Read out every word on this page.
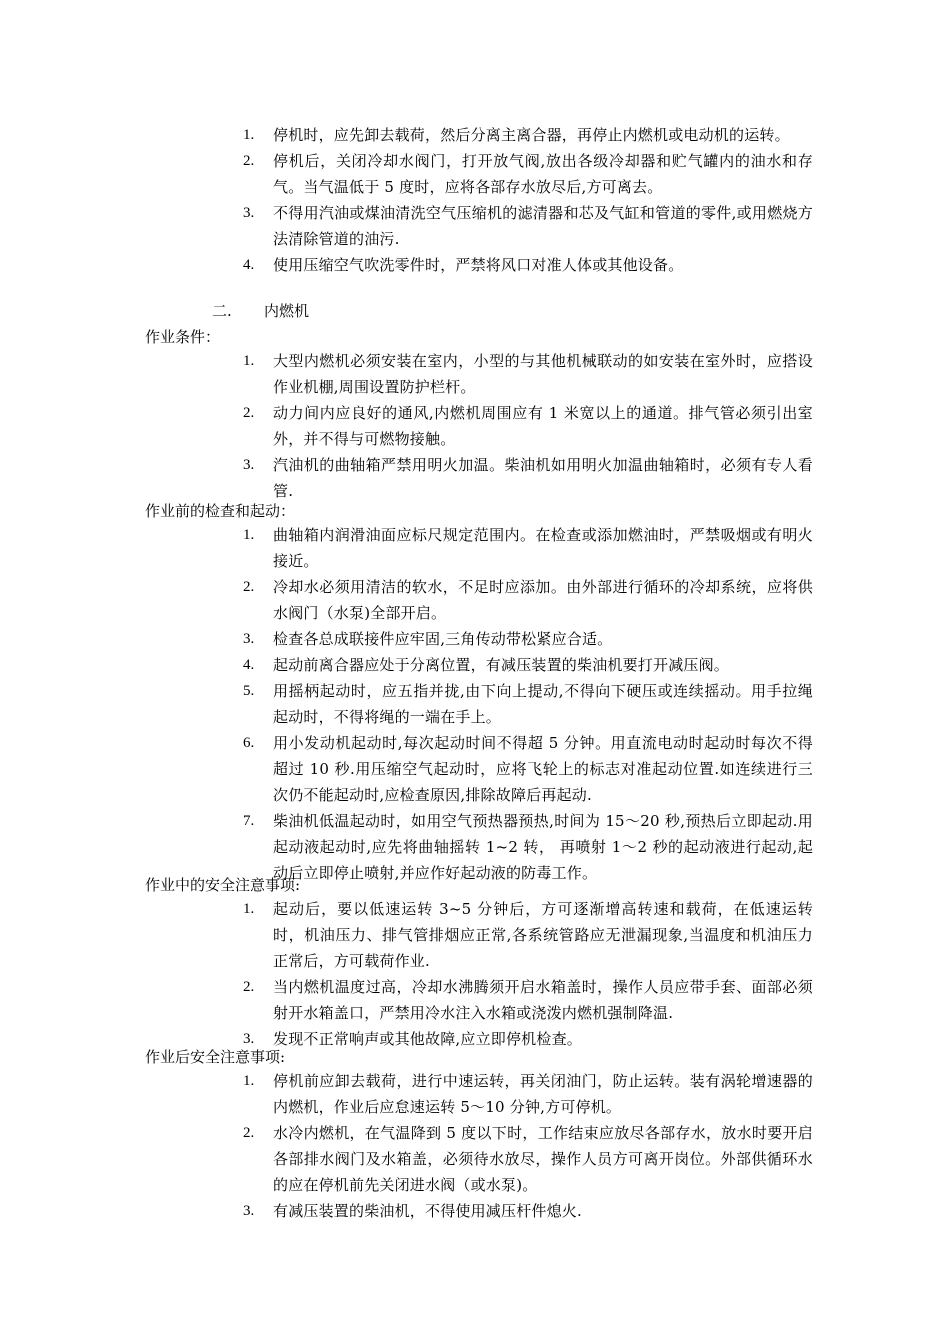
1.	停机时，应先卸去载荷，然后分离主离合器，再停止内燃机或电动机的运转。
2.	停机后，关闭冷却水阀门，打开放气阀,放出各级冷却器和贮气罐内的油水和存气。当气温低于 5 度时，应将各部存水放尽后,方可离去。
3.	不得用汽油或煤油清洗空气压缩机的滤清器和芯及气缸和管道的零件,或用燃烧方法清除管道的油污.
4.	使用压缩空气吹洗零件时，严禁将风口对准人体或其他设备。
二. 内燃机
作业条件：
1.	大型内燃机必须安装在室内，小型的与其他机械联动的如安装在室外时，应搭设作业机棚,周围设置防护栏杆。
2.	动力间内应良好的通风,内燃机周围应有 1 米宽以上的通道。排气管必须引出室外，并不得与可燃物接触。
3.	汽油机的曲轴箱严禁用明火加温。柴油机如用明火加温曲轴箱时，必须有专人看管.
作业前的检查和起动：
1.	曲轴箱内润滑油面应标尺规定范围内。在检查或添加燃油时，严禁吸烟或有明火接近。
2.	冷却水必须用清洁的软水，不足时应添加。由外部进行循环的冷却系统，应将供水阀门（水泵)全部开启。
3.	检查各总成联接件应牢固,三角传动带松紧应合适。
4.	起动前离合器应处于分离位置，有减压装置的柴油机要打开减压阀。
5.	用摇柄起动时，应五指并拢,由下向上提动,不得向下硬压或连续摇动。用手拉绳起动时，不得将绳的一端在手上。
6.	用小发动机起动时,每次起动时间不得超 5 分钟。用直流电动时起动时每次不得超过 10 秒.用压缩空气起动时，应将飞轮上的标志对准起动位置.如连续进行三次仍不能起动时,应检查原因,排除故障后再起动.
7.	柴油机低温起动时，如用空气预热器预热,时间为 15～20 秒,预热后立即起动.用起动液起动时,应先将曲轴摇转 1~2 转， 再喷射 1～2 秒的起动液进行起动,起动后立即停止喷射,并应作好起动液的防毒工作。
作业中的安全注意事项:
1.	起动后，要以低速运转 3~5 分钟后，方可逐渐增高转速和载荷，在低速运转时，机油压力、排气管排烟应正常,各系统管路应无泄漏现象,当温度和机油压力正常后，方可载荷作业.
2.	当内燃机温度过高，冷却水沸腾须开启水箱盖时，操作人员应带手套、面部必须射开水箱盖口，严禁用冷水注入水箱或浇泼内燃机强制降温.
3.	发现不正常响声或其他故障,应立即停机检查。
作业后安全注意事项:
1.	停机前应卸去载荷，进行中速运转，再关闭油门，防止运转。装有涡轮增速器的内燃机，作业后应怠速运转 5～10 分钟,方可停机。
2.	水冷内燃机，在气温降到 5 度以下时，工作结束应放尽各部存水，放水时要开启各部排水阀门及水箱盖，必须待水放尽，操作人员方可离开岗位。外部供循环水的应在停机前先关闭进水阀（或水泵)。
3.	有减压装置的柴油机，不得使用减压杆件熄火.
